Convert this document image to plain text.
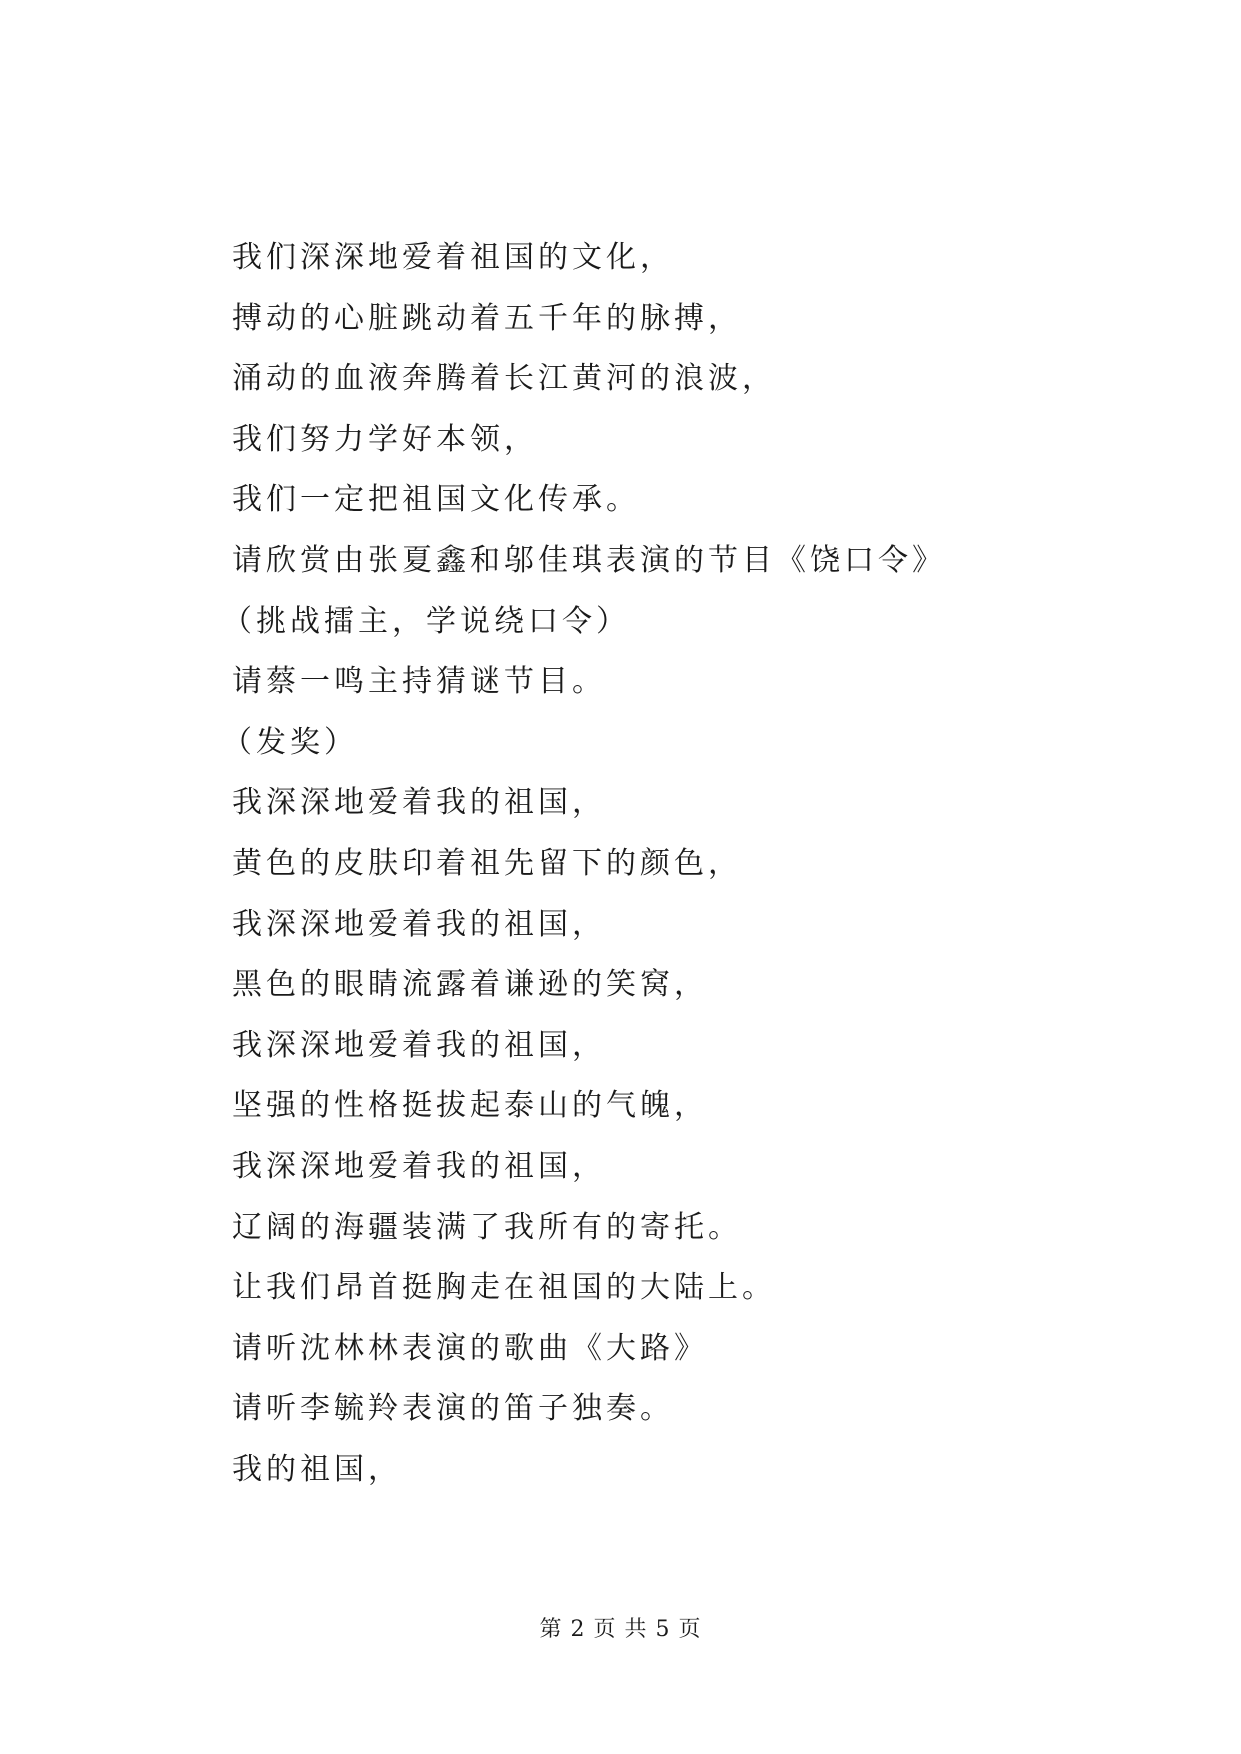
我们深深地爱着祖国的文化，
搏动的心脏跳动着五千年的脉搏，
涌动的血液奔腾着长江黄河的浪波，
我们努力学好本领，
我们一定把祖国文化传承。
请欣赏由张夏鑫和邬佳琪表演的节目《饶口令》
（挑战擂主，学说绕口令）
请蔡一鸣主持猜谜节目。
（发奖）
我深深地爱着我的祖国，
黄色的皮肤印着祖先留下的颜色，
我深深地爱着我的祖国，
黑色的眼睛流露着谦逊的笑窝，
我深深地爱着我的祖国，
坚强的性格挺拔起泰山的气魄，
我深深地爱着我的祖国，
辽阔的海疆装满了我所有的寄托。
让我们昂首挺胸走在祖国的大陆上。
请听沈林林表演的歌曲《大路》
请听李毓羚表演的笛子独奏。
我的祖国，
第 2 页 共 5 页
